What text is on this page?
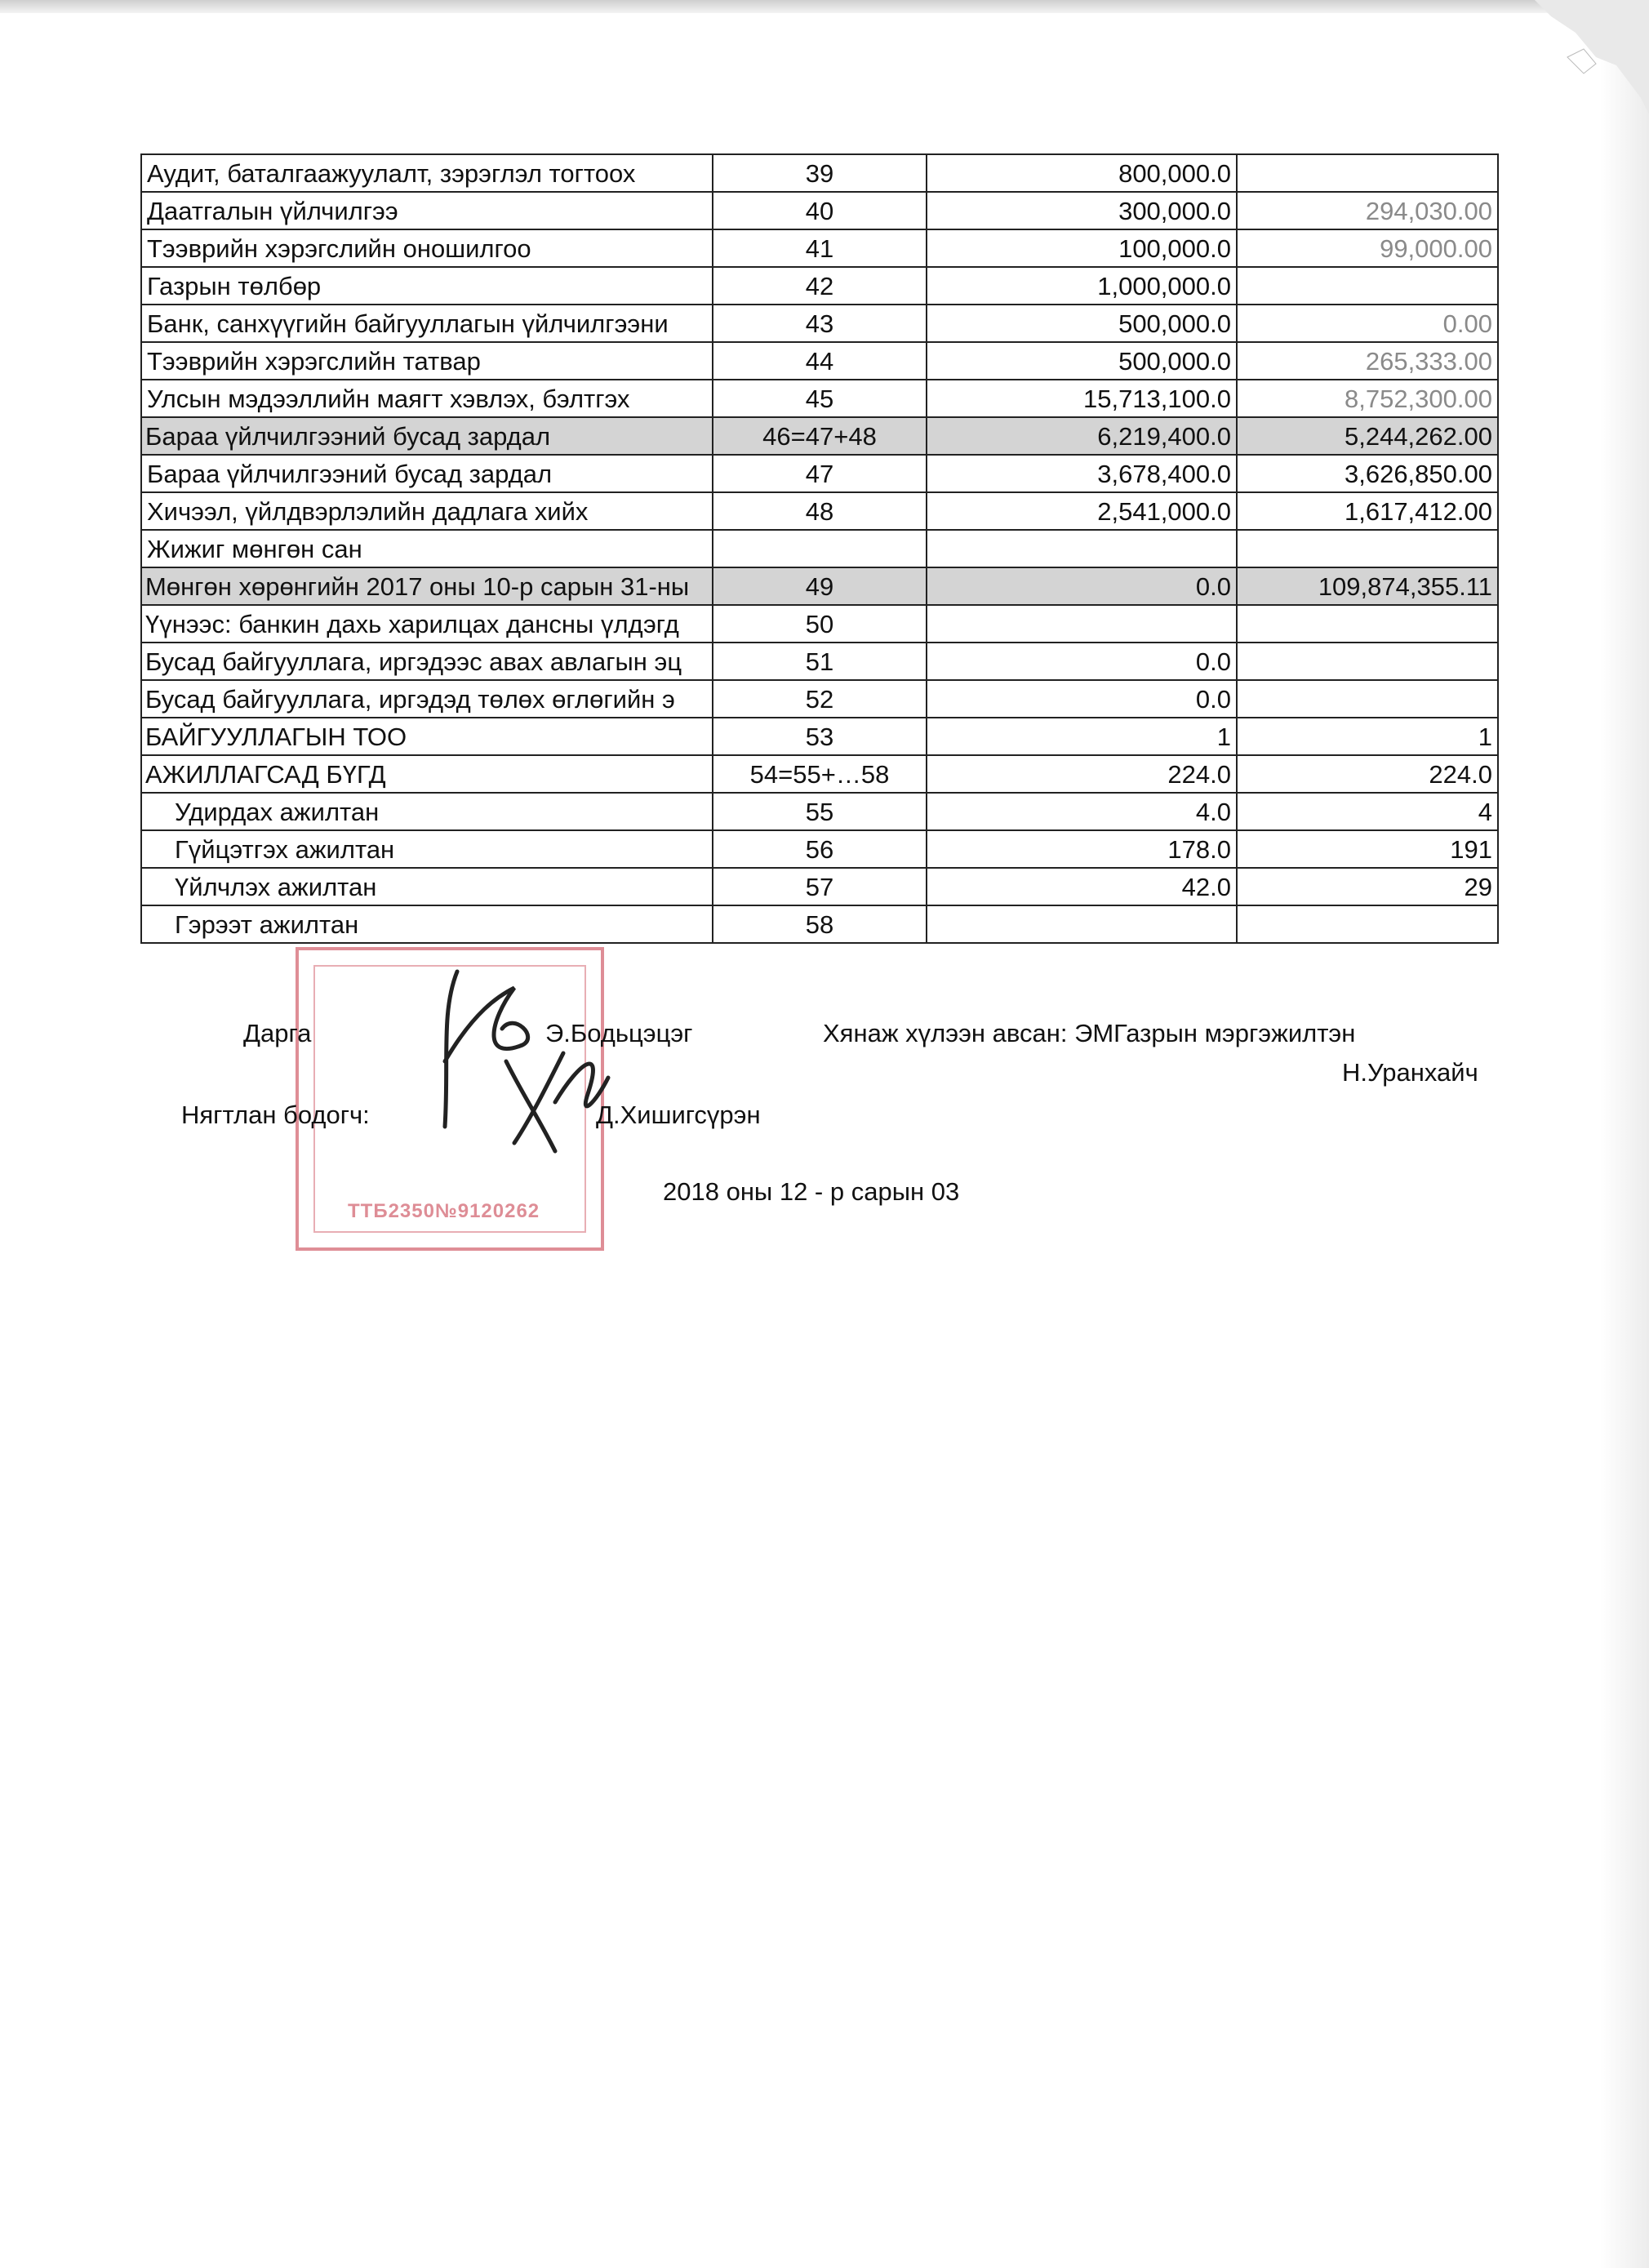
Аудит, баталгаажуулалт, зэрэглэл тогтоох	39	800,000.0	
Даатгалын үйлчилгээ	40	300,000.0	294,030.00
Тээврийн хэрэгслийн оношилгоо	41	100,000.0	99,000.00
Газрын төлбөр	42	1,000,000.0	
Банк, санхүүгийн байгууллагын үйлчилгээни	43	500,000.0	0.00
Тээврийн хэрэгслийн татвар	44	500,000.0	265,333.00
Улсын мэдээллийн маягт хэвлэх, бэлтгэх	45	15,713,100.0	8,752,300.00
Бараа үйлчилгээний бусад зардал	46=47+48	6,219,400.0	5,244,262.00
Бараа үйлчилгээний бусад зардал	47	3,678,400.0	3,626,850.00
Хичээл, үйлдвэрлэлийн дадлага хийх	48	2,541,000.0	1,617,412.00
Жижиг мөнгөн сан			
Мөнгөн хөрөнгийн 2017 оны 10-р сарын 31-ны	49	0.0	109,874,355.11
Үүнээс: банкин дахь харилцах дансны үлдэгд	50		
Бусад байгууллага, иргэдээс авах авлагын эц	51	0.0	
Бусад байгууллага, иргэдэд төлөх өглөгийн э	52	0.0	
БАЙГУУЛЛАГЫН ТОО	53	1	1
АЖИЛЛАГСАД БҮГД	54=55+…58	224.0	224.0
Удирдах ажилтан	55	4.0	4
Гүйцэтгэх ажилтан	56	178.0	191
Үйлчлэх ажилтан	57	42.0	29
Гэрээт ажилтан	58		
ТТБ2350№9120262
Дарга	Э.Бодьцэцэг	Хянаж хүлээн авсан: ЭМГазрын мэргэжилтэн
Н.Уранхайч
Нягтлан бодогч:	Д.Хишигсүрэн
2018 оны 12 - р сарын 03
